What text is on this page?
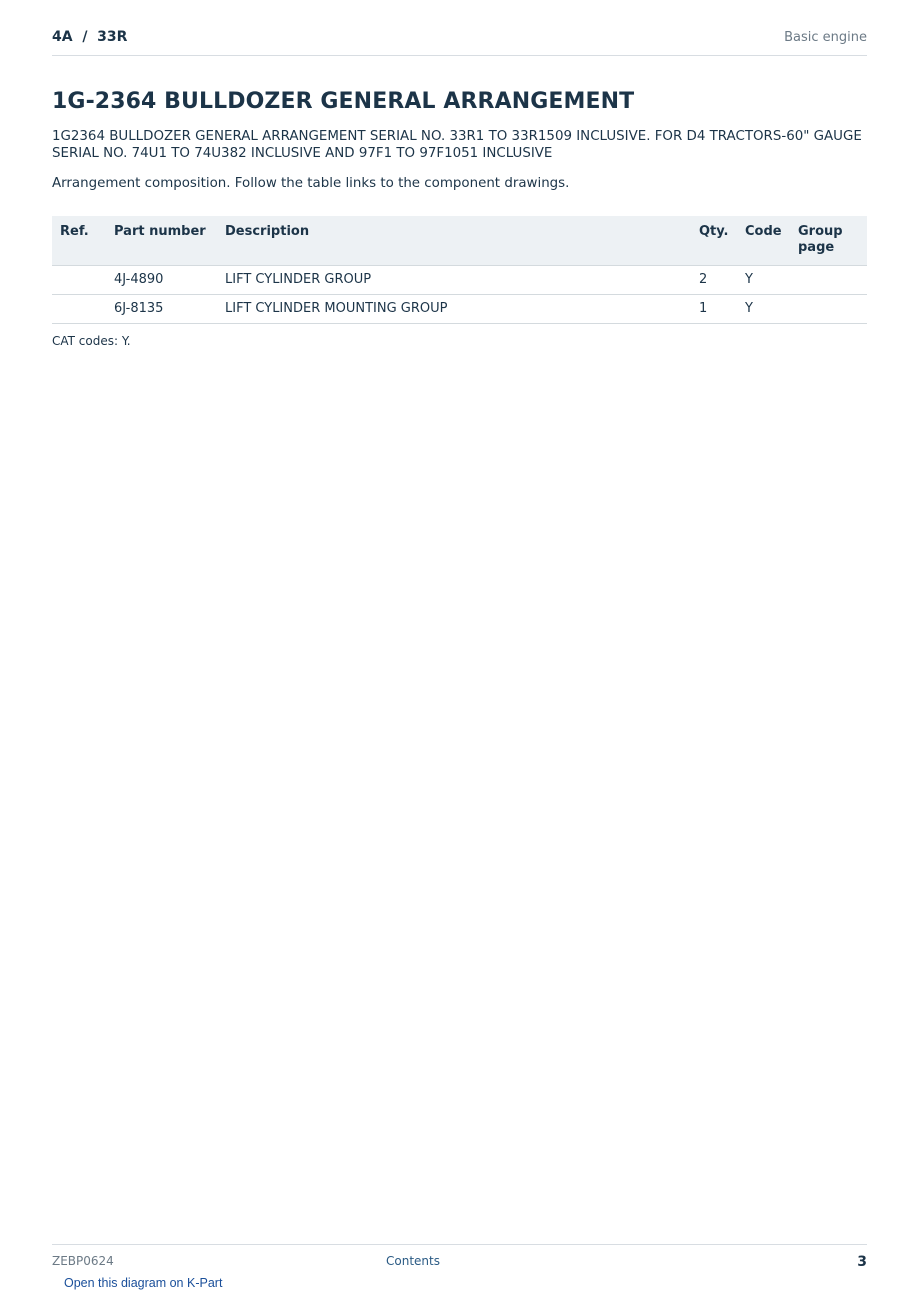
4A  /  33R	Basic engine
1G-2364 BULLDOZER GENERAL ARRANGEMENT

1G2364 BULLDOZER GENERAL ARRANGEMENT SERIAL NO. 33R1 TO 33R1509 INCLUSIVE. FOR D4 TRACTORS-60" GAUGE SERIAL NO. 74U1 TO 74U382 INCLUSIVE AND 97F1 TO 97F1051 INCLUSIVE

Arrangement composition. Follow the table links to the component drawings.

Ref.	Part number	Description	Qty.	Code	Group page
	4J-4890	LIFT CYLINDER GROUP	2	Y	
	6J-8135	LIFT CYLINDER MOUNTING GROUP	1	Y	

CAT codes: Y.

ZEBP0624	Contents	3
Open this diagram on K-Part
